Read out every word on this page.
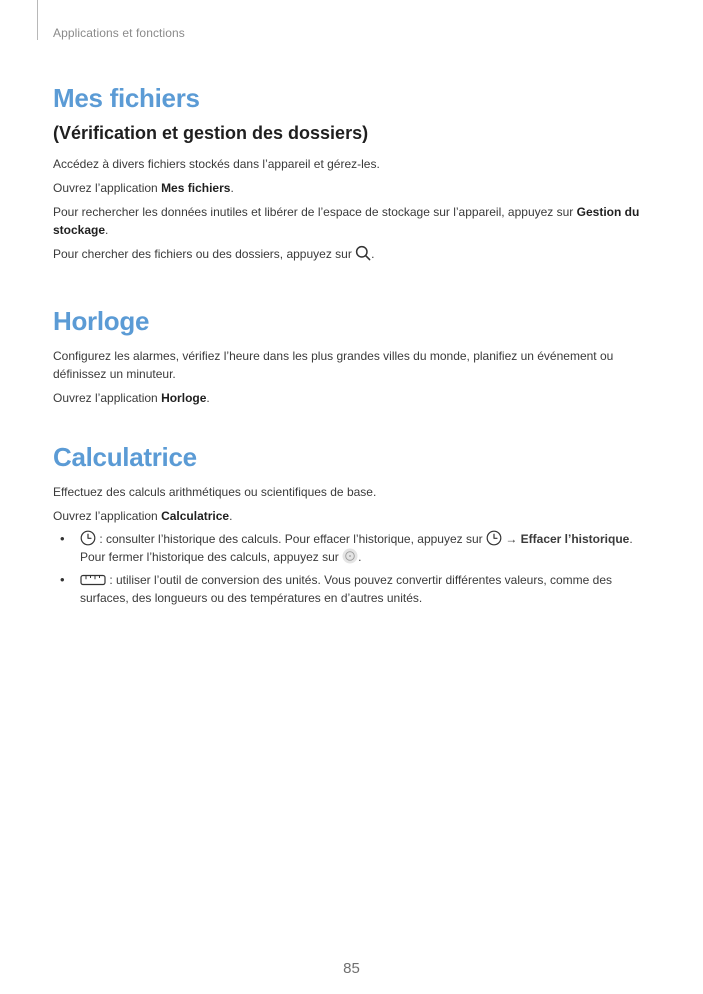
Applications et fonctions
Mes fichiers
(Vérification et gestion des dossiers)

Accédez à divers fichiers stockés dans l’appareil et gérez-les.

Ouvrez l’application Mes fichiers.

Pour rechercher les données inutiles et libérer de l’espace de stockage sur l’appareil, appuyez sur Gestion du stockage.

Pour chercher des fichiers ou des dossiers, appuyez sur .

Horloge

Configurez les alarmes, vérifiez l’heure dans les plus grandes villes du monde, planifiez un événement ou définissez un minuteur.

Ouvrez l’application Horloge.

Calculatrice

Effectuez des calculs arithmétiques ou scientifiques de base.

Ouvrez l’application Calculatrice.

•	: consulter l’historique des calculs. Pour effacer l’historique, appuyez sur  → Effacer l’historique. Pour fermer l’historique des calculs, appuyez sur .
•	: utiliser l’outil de conversion des unités. Vous pouvez convertir différentes valeurs, comme des surfaces, des longueurs ou des températures en d’autres unités.
85
